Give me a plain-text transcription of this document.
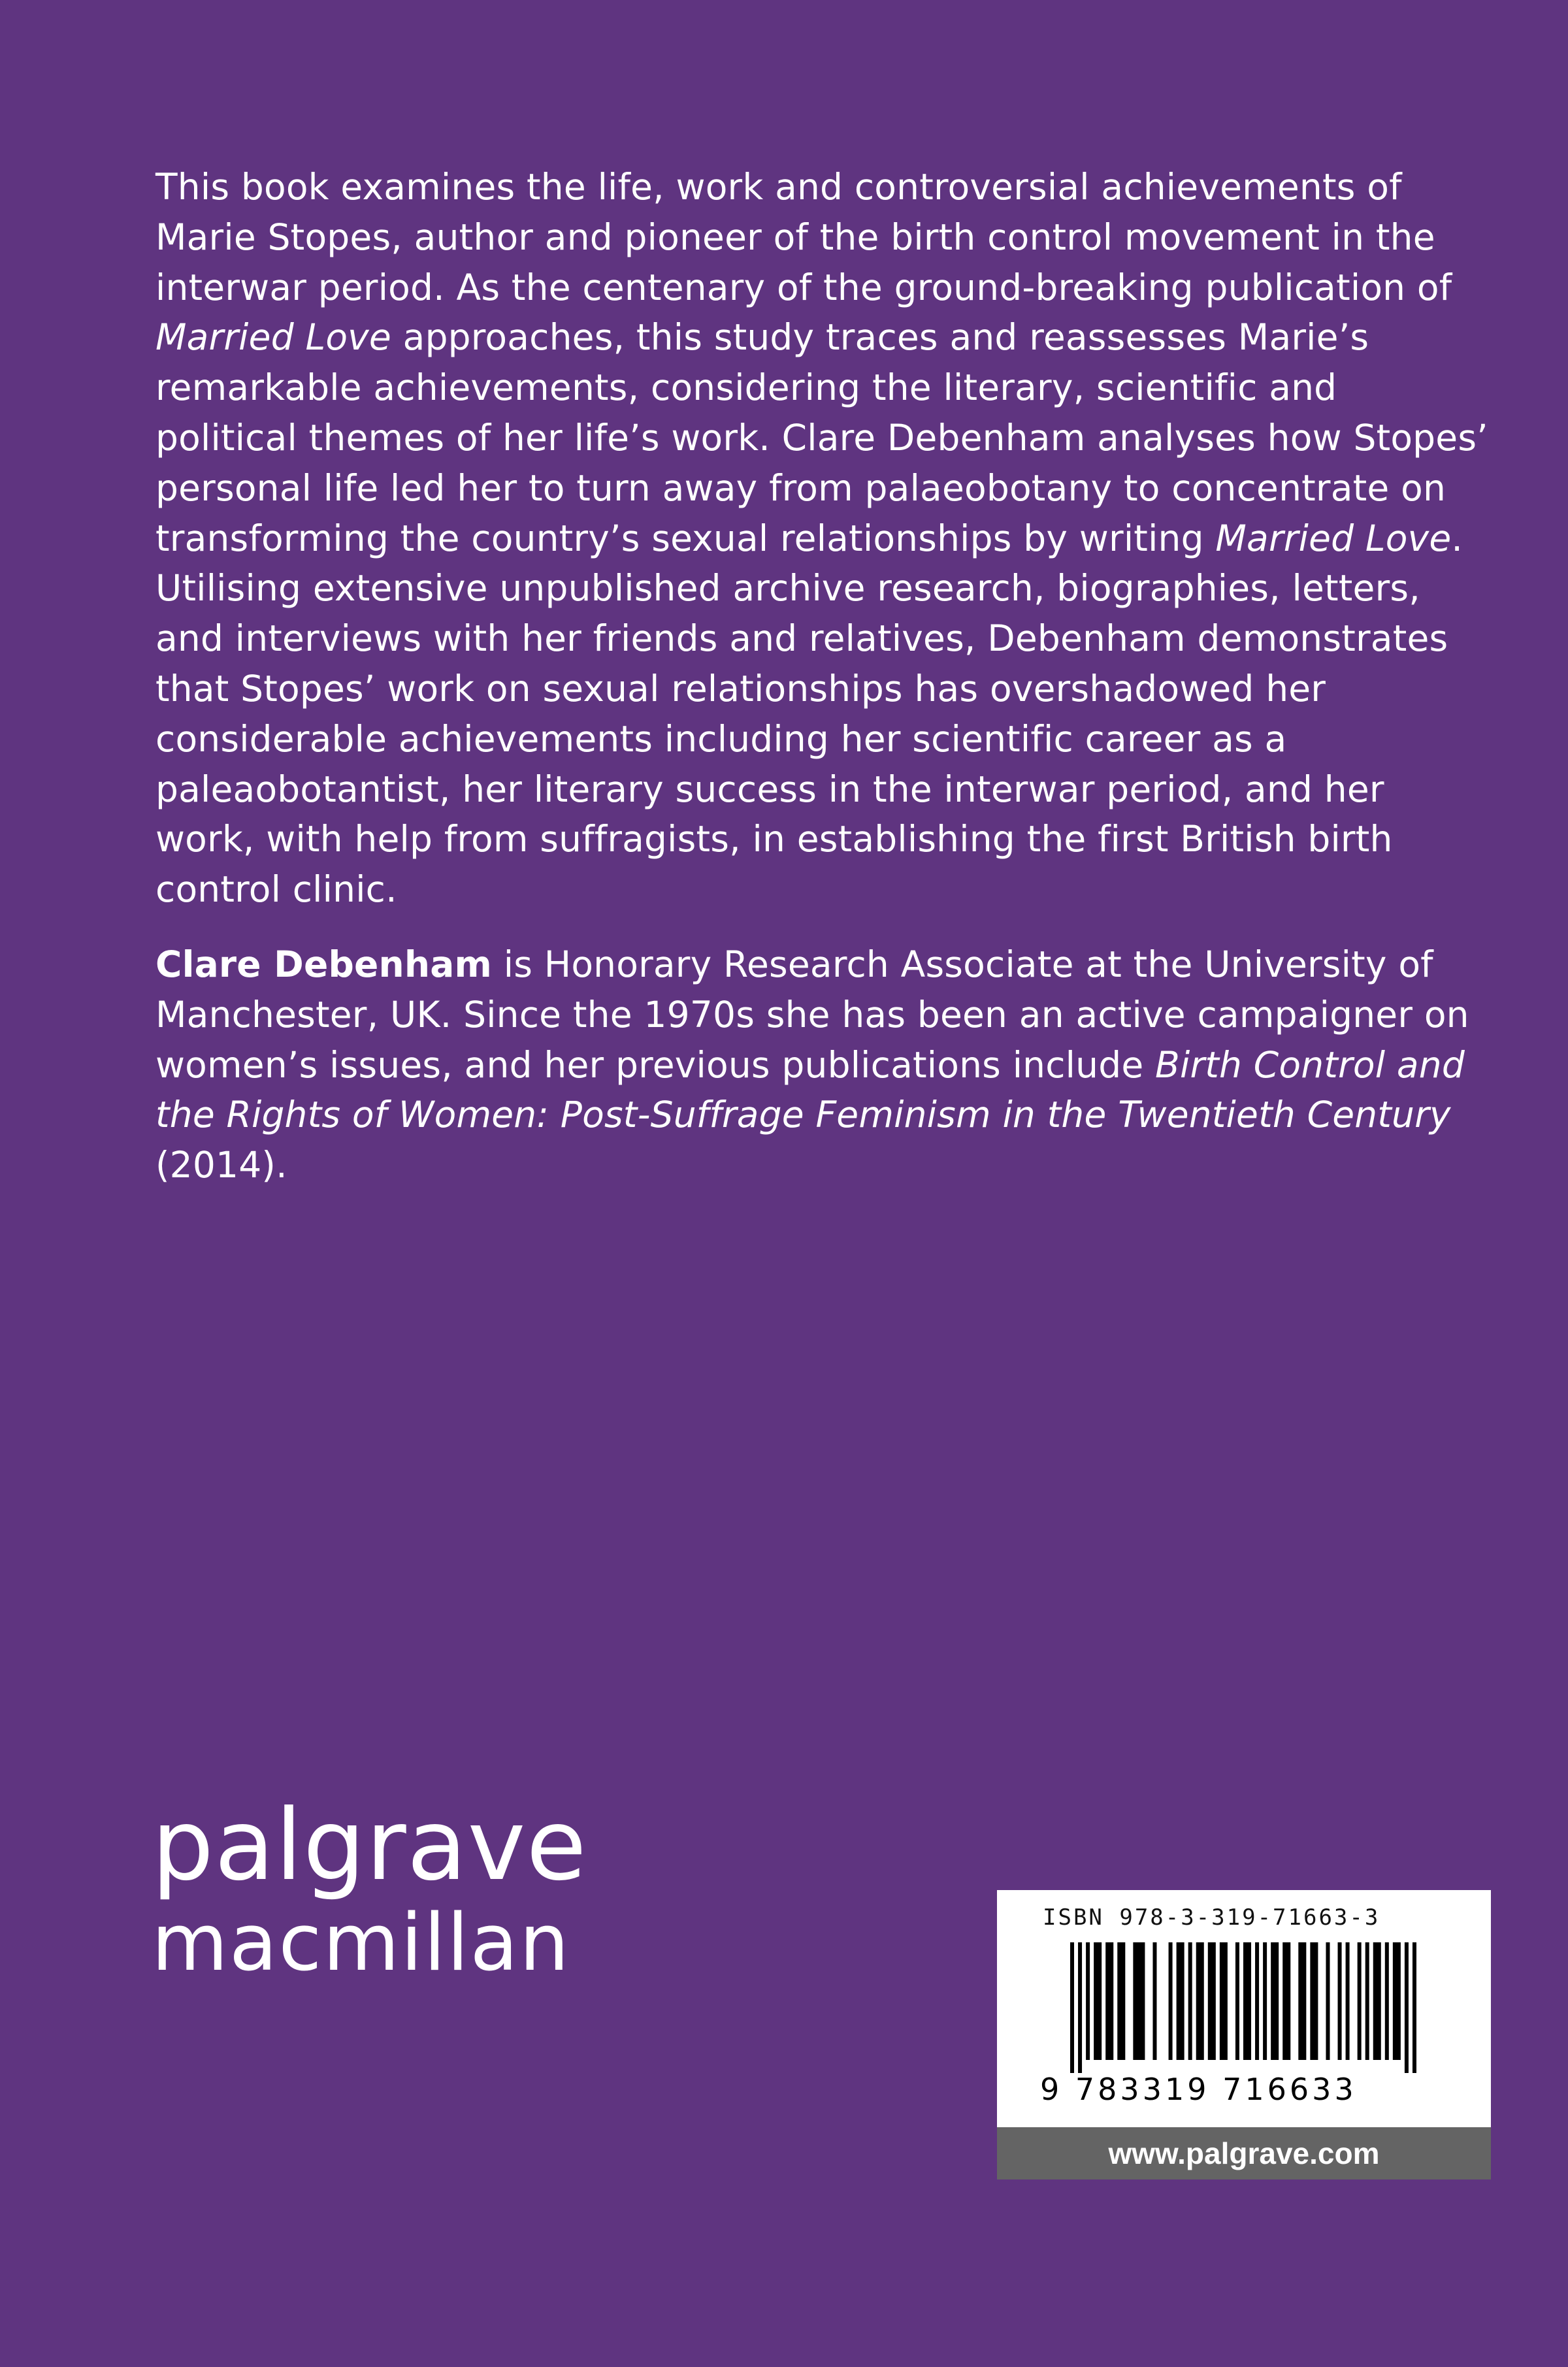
This book examines the life, work and controversial achievements of Marie Stopes, author and pioneer of the birth control movement in the interwar period. As the centenary of the ground-breaking publication of Married Love approaches, this study traces and reassesses Marie’s remarkable achievements, considering the literary, scientific and political themes of her life’s work. Clare Debenham analyses how Stopes’ personal life led her to turn away from palaeobotany to concentrate on transforming the country’s sexual relationships by writing Married Love. Utilising extensive unpublished archive research, biographies, letters, and interviews with her friends and relatives, Debenham demonstrates that Stopes’ work on sexual relationships has overshadowed her considerable achievements including her scientific career as a paleaobotantist, her literary success in the interwar period, and her work, with help from suffragists, in establishing the first British birth control clinic.

Clare Debenham is Honorary Research Associate at the University of Manchester, UK. Since the 1970s she has been an active campaigner on women’s issues, and her previous publications include Birth Control and the Rights of Women: Post-Suffrage Feminism in the Twentieth Century (2014).

palgrave
macmillan	ISBN 978-3-319-71663-3
9 783319 716633
www.palgrave.com
